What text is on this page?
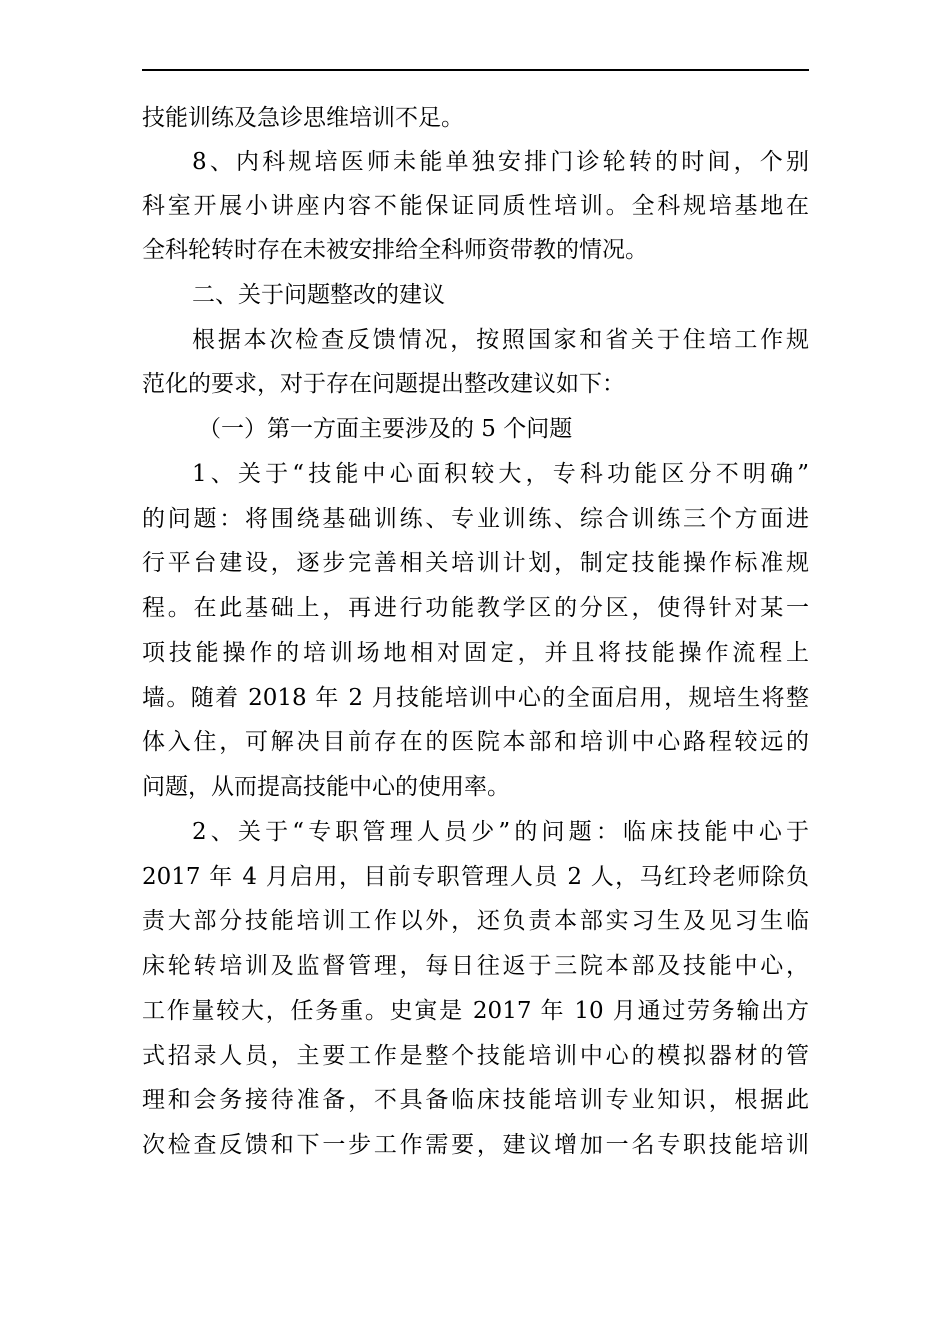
技能训练及急诊思维培训不足。

8、内科规培医师未能单独安排门诊轮转的时间，个别

科室开展小讲座内容不能保证同质性培训。全科规培基地在

全科轮转时存在未被安排给全科师资带教的情况。

二、关于问题整改的建议

根据本次检查反馈情况，按照国家和省关于住培工作规

范化的要求，对于存在问题提出整改建议如下：

（一）第一方面主要涉及的 5 个问题

1、关于“技能中心面积较大，专科功能区分不明确”

的问题：将围绕基础训练、专业训练、综合训练三个方面进

行平台建设，逐步完善相关培训计划，制定技能操作标准规

程。在此基础上，再进行功能教学区的分区，使得针对某一

项技能操作的培训场地相对固定，并且将技能操作流程上

墙。随着 2018 年 2 月技能培训中心的全面启用，规培生将整

体入住，可解决目前存在的医院本部和培训中心路程较远的

问题，从而提高技能中心的使用率。

2、关于“专职管理人员少”的问题：临床技能中心于

2017 年 4 月启用，目前专职管理人员 2 人，马红玲老师除负

责大部分技能培训工作以外，还负责本部实习生及见习生临

床轮转培训及监督管理，每日往返于三院本部及技能中心，

工作量较大，任务重。史寅是 2017 年 10 月通过劳务输出方

式招录人员，主要工作是整个技能培训中心的模拟器材的管

理和会务接待准备，不具备临床技能培训专业知识，根据此

次检查反馈和下一步工作需要，建议增加一名专职技能培训
